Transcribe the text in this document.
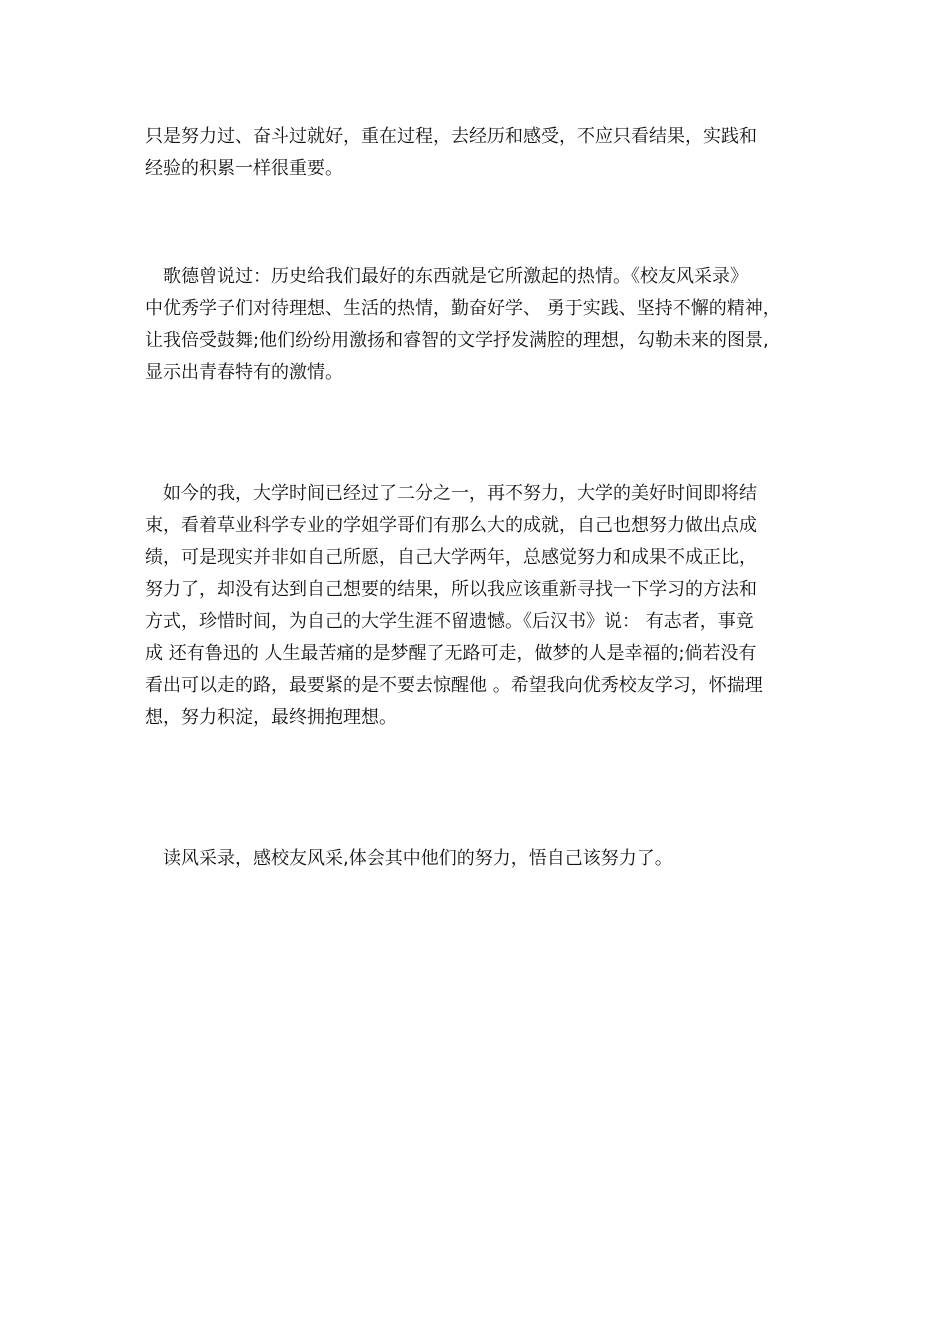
只是努力过、奋斗过就好，重在过程，去经历和感受，不应只看结果，实践和
经验的积累一样很重要。

　歌德曾说过：历史给我们最好的东西就是它所激起的热情。《校友风采录》
中优秀学子们对待理想、生活的热情，勤奋好学、 勇于实践、坚持不懈的精神，
让我倍受鼓舞;他们纷纷用激扬和睿智的文学抒发满腔的理想，勾勒未来的图景,
显示出青春特有的激情。

　如今的我，大学时间已经过了二分之一，再不努力，大学的美好时间即将结
束，看着草业科学专业的学姐学哥们有那么大的成就，自己也想努力做出点成
绩，可是现实并非如自己所愿，自己大学两年，总感觉努力和成果不成正比，
努力了，却没有达到自己想要的结果，所以我应该重新寻找一下学习的方法和
方式，珍惜时间，为自己的大学生涯不留遗憾。《后汉书》说： 有志者，事竟
成 还有鲁迅的 人生最苦痛的是梦醒了无路可走，做梦的人是幸福的;倘若没有
看出可以走的路，最要紧的是不要去惊醒他 。希望我向优秀校友学习，怀揣理
想，努力积淀，最终拥抱理想。

　读风采录，感校友风采,体会其中他们的努力，悟自己该努力了。
